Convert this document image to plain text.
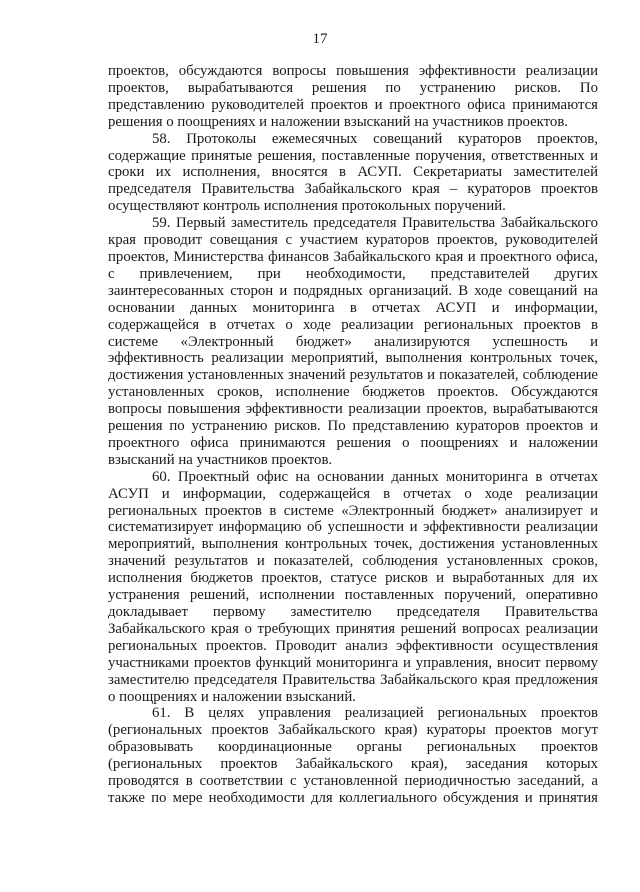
17

проектов, обсуждаются вопросы повышения эффективности реализации проектов, вырабатываются решения по устранению рисков. По представлению руководителей проектов и проектного офиса принимаются решения о поощрениях и наложении взысканий на участников проектов.

58. Протоколы ежемесячных совещаний кураторов проектов, содержащие принятые решения, поставленные поручения, ответственных и сроки их исполнения, вносятся в АСУП. Секретариаты заместителей председателя Правительства Забайкальского края – кураторов проектов осуществляют контроль исполнения протокольных поручений.

59. Первый заместитель председателя Правительства Забайкальского края проводит совещания с участием кураторов проектов, руководителей проектов, Министерства финансов Забайкальского края и проектного офиса, с привлечением, при необходимости, представителей других заинтересованных сторон и подрядных организаций. В ходе совещаний на основании данных мониторинга в отчетах АСУП и информации, содержащейся в отчетах о ходе реализации региональных проектов в системе «Электронный бюджет» анализируются успешность и эффективность реализации мероприятий, выполнения контрольных точек, достижения установленных значений результатов и показателей, соблюдение установленных сроков, исполнение бюджетов проектов. Обсуждаются вопросы повышения эффективности реализации проектов, вырабатываются решения по устранению рисков. По представлению кураторов проектов и проектного офиса принимаются решения о поощрениях и наложении взысканий на участников проектов.

60. Проектный офис на основании данных мониторинга в отчетах АСУП и информации, содержащейся в отчетах о ходе реализации региональных проектов в системе «Электронный бюджет» анализирует и систематизирует информацию об успешности и эффективности реализации мероприятий, выполнения контрольных точек, достижения установленных значений результатов и показателей, соблюдения установленных сроков, исполнения бюджетов проектов, статусе рисков и выработанных для их устранения решений, исполнении поставленных поручений, оперативно докладывает первому заместителю председателя Правительства Забайкальского края о требующих принятия решений вопросах реализации региональных проектов. Проводит анализ эффективности осуществления участниками проектов функций мониторинга и управления, вносит первому заместителю председателя Правительства Забайкальского края предложения о поощрениях и наложении взысканий.

61. В целях управления реализацией региональных проектов (региональных проектов Забайкальского края) кураторы проектов могут образовывать координационные органы региональных проектов (региональных проектов Забайкальского края), заседания которых проводятся в соответствии с установленной периодичностью заседаний, а также по мере необходимости для коллегиального обсуждения и принятия
